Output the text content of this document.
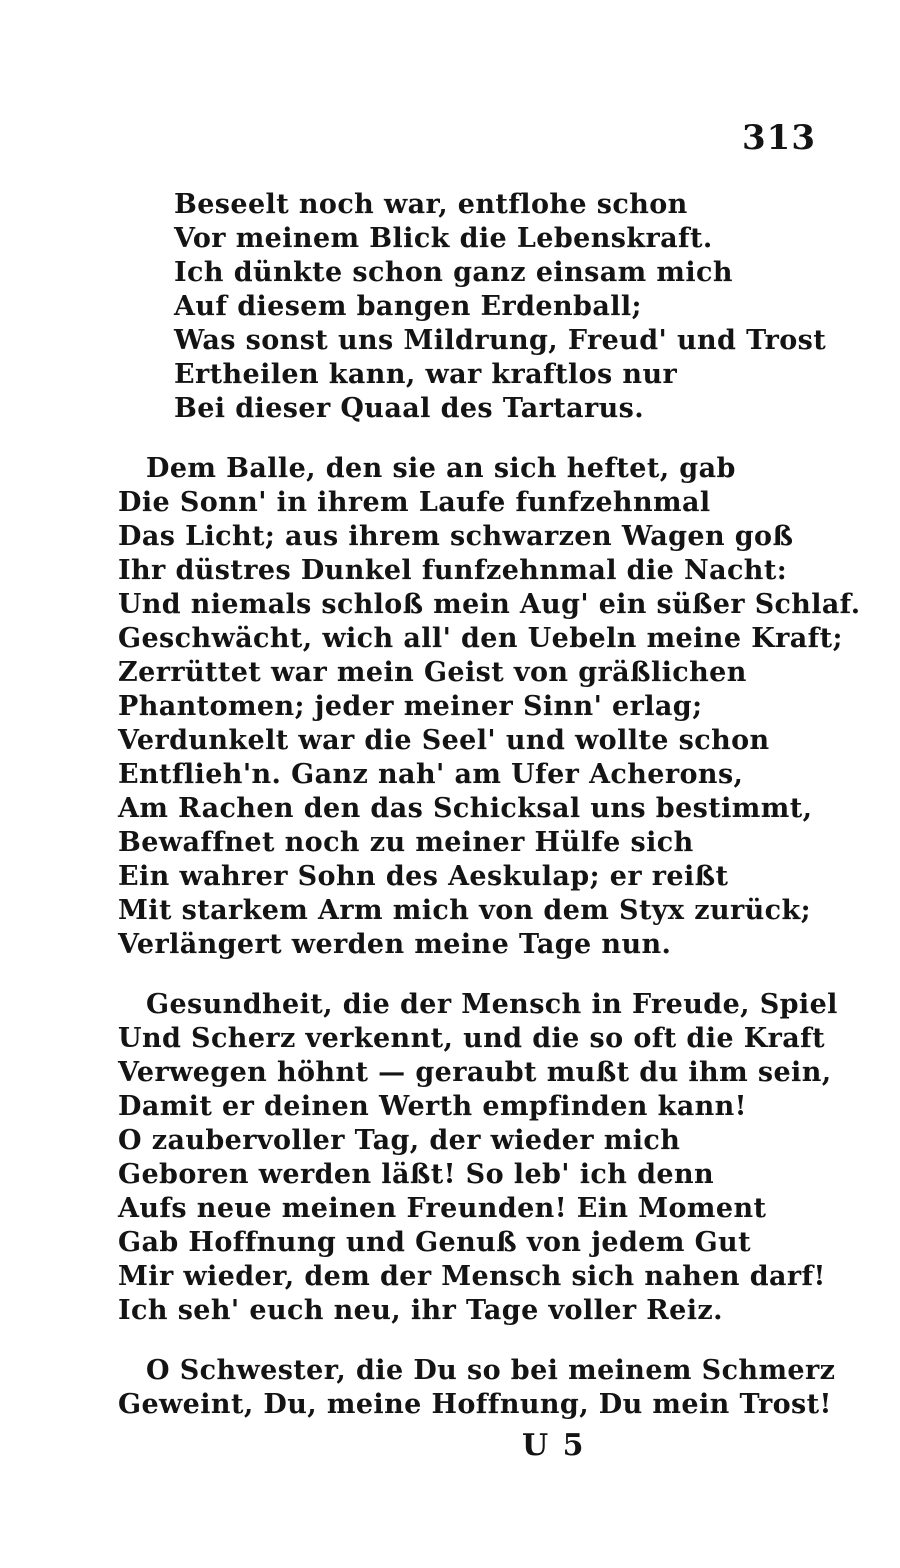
313
Beseelt noch war, entflohe schon
Vor meinem Blick die Lebenskraft.
Ich dünkte schon ganz einsam mich
Auf diesem bangen Erdenball;
Was sonst uns Mildrung, Freud' und Trost
Ertheilen kann, war kraftlos nur
Bei dieser Quaal des Tartarus.
Dem Balle, den sie an sich heftet, gab
Die Sonn' in ihrem Laufe funfzehnmal
Das Licht; aus ihrem schwarzen Wagen goß
Ihr düstres Dunkel funfzehnmal die Nacht:
Und niemals schloß mein Aug' ein süßer Schlaf.
Geschwächt, wich all' den Uebeln meine Kraft;
Zerrüttet war mein Geist von gräßlichen
Phantomen; jeder meiner Sinn' erlag;
Verdunkelt war die Seel' und wollte schon
Entflieh'n. Ganz nah' am Ufer Acherons,
Am Rachen den das Schicksal uns bestimmt,
Bewaffnet noch zu meiner Hülfe sich
Ein wahrer Sohn des Aeskulap; er reißt
Mit starkem Arm mich von dem Styx zurück;
Verlängert werden meine Tage nun.
Gesundheit, die der Mensch in Freude, Spiel
Und Scherz verkennt, und die so oft die Kraft
Verwegen höhnt — geraubt mußt du ihm sein,
Damit er deinen Werth empfinden kann!
O zaubervoller Tag, der wieder mich
Geboren werden läßt! So leb' ich denn
Aufs neue meinen Freunden! Ein Moment
Gab Hoffnung und Genuß von jedem Gut
Mir wieder, dem der Mensch sich nahen darf!
Ich seh' euch neu, ihr Tage voller Reiz.
O Schwester, die Du so bei meinem Schmerz
Geweint, Du, meine Hoffnung, Du mein Trost!
U 5
